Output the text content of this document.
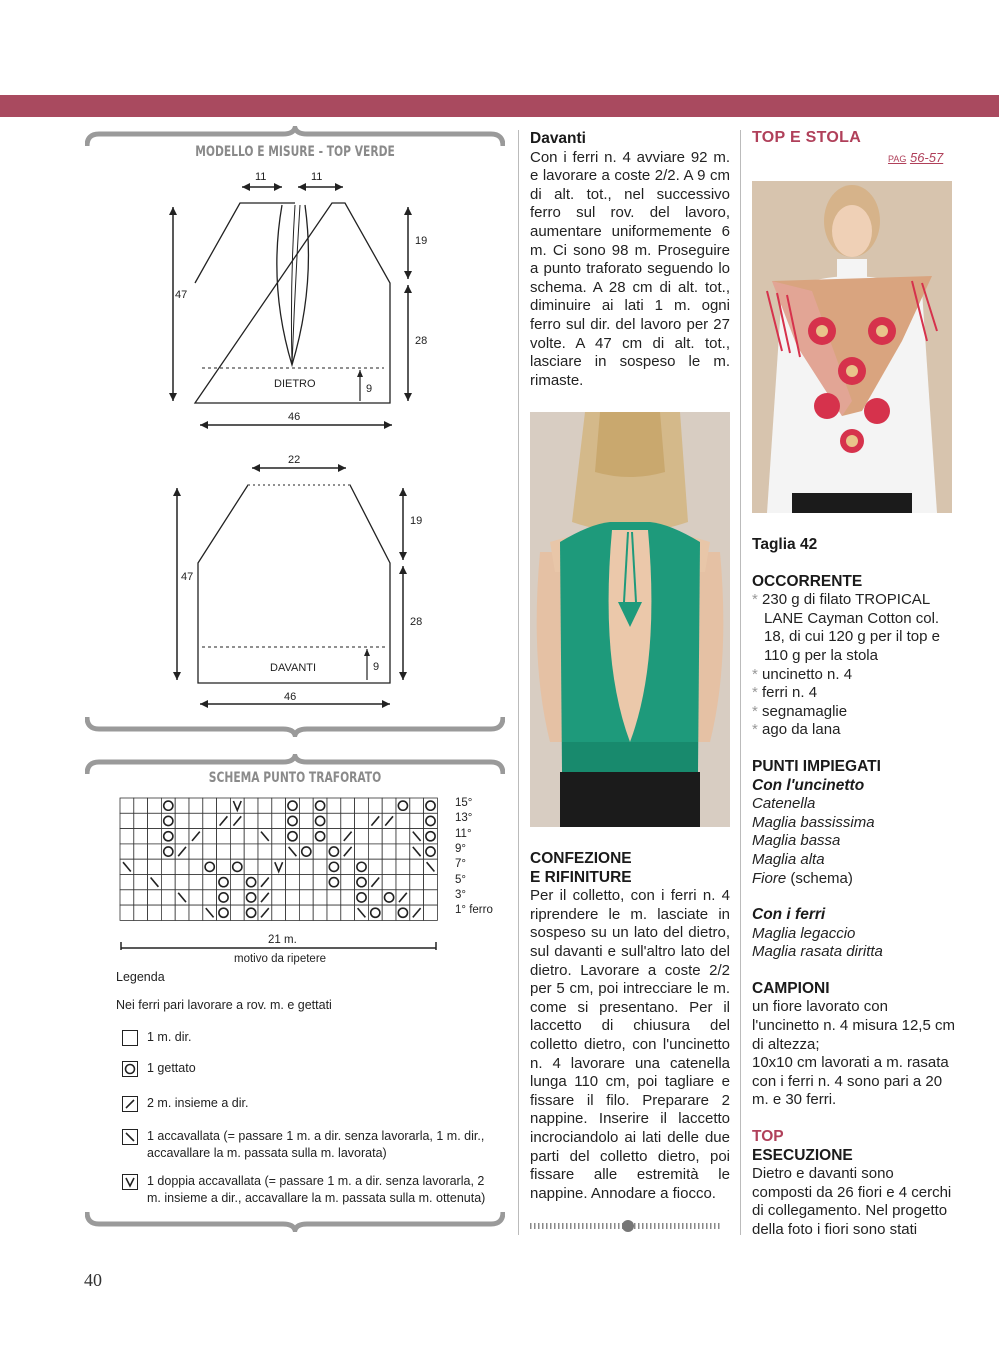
MODELLO E MISURE - TOP VERDE
11	11
47
19
28
DIETRO	9
46
22
47
19
28
DAVANTI	9
46
SCHEMA PUNTO TRAFORATO
15°
13°
11°
9°
7°
5°
3°
1° ferro
21 m.
motivo da ripetere
Legenda
Nei ferri pari lavorare a rov. m. e gettati
1 m. dir.
1 gettato
2 m. insieme a dir.
1 accavallata (= passare 1 m. a dir. senza lavorarla, 1 m. dir., accavallare la m. passata sulla m. lavorata)
1 doppia accavallata (= passare 1 m. a dir. senza lavorarla, 2 m. insieme a dir., accavallare la m. passata sulla m. ottenuta)
40
Davanti

Con i ferri n. 4 avviare 92 m. e lavorare a coste 2/2. A 9 cm di alt. tot., nel successivo ferro sul rov. del lavoro, aumentare uniformemente 6 m. Ci sono 98 m. Proseguire a punto traforato seguendo lo schema. A 28 cm di alt. tot., diminuire ai lati 1 m. ogni ferro sul dir. del lavoro per 27 volte. A 47 cm di alt. tot., lasciare in sospeso le m. rimaste.

CONFEZIONE
E RIFINITURE

Per il colletto, con i ferri n. 4 riprendere le m. lasciate in sospeso su un lato del dietro, sul davanti e sull'altro lato del dietro. Lavorare a coste 2/2 per 5 cm, poi intrecciare le m. come si presentano. Per il laccetto di chiusura del colletto dietro, con l'uncinetto n. 4 lavorare una catenella lunga 110 cm, poi tagliare e fissare il filo. Preparare 2 nappine. Inserire il laccetto incrociandolo ai lati delle due parti del colletto dietro, poi fissare alle estremità le nappine. Annodare a fiocco.

TOP E STOLA
PAG 56-57
Taglia 42
OCCORRENTE
* 230 g di filato TROPICAL LANE Cayman Cotton col. 18, di cui 120 g per il top e 110 g per la stola
* uncinetto n. 4
* ferri n. 4
* segnamaglie
* ago da lana
PUNTI IMPIEGATI
Con l'uncinetto
Catenella
Maglia bassissima
Maglia bassa
Maglia alta
Fiore (schema)
Con i ferri
Maglia legaccio
Maglia rasata diritta
CAMPIONI

un fiore lavorato con l'uncinetto n. 4 misura 12,5 cm di altezza;

10x10 cm lavorati a m. rasata con i ferri n. 4 sono pari a 20 m. e 30 ferri.

TOP
ESECUZIONE

Dietro e davanti sono composti da 26 fiori e 4 cerchi di collegamento. Nel progetto della foto i fiori sono stati
